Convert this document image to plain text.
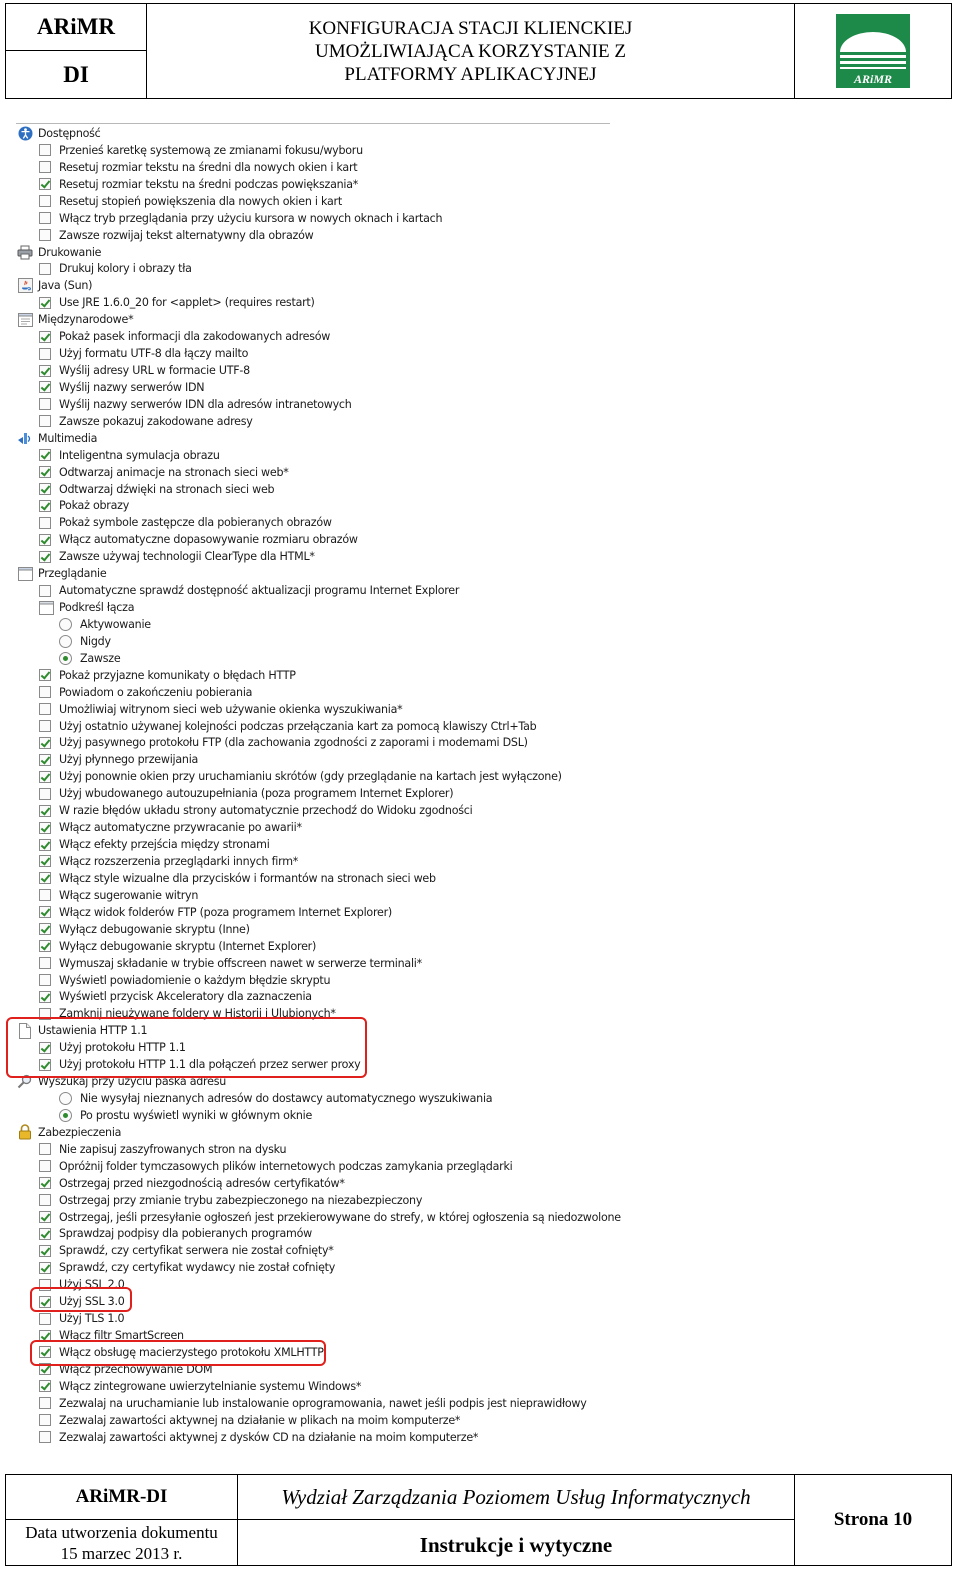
ARiMR
DI
KONFIGURACJA STACJI KLIENCKIEJ
UMOŻLIWIAJĄCA KORZYSTANIE Z
PLATFORMY APLIKACYJNEJ	ARiMR
Dostępność
Przenieś karetkę systemową ze zmianami fokusu/wyboru
Resetuj rozmiar tekstu na średni dla nowych okien i kart
Resetuj rozmiar tekstu na średni podczas powiększania*
Resetuj stopień powiększenia dla nowych okien i kart
Włącz tryb przeglądania przy użyciu kursora w nowych oknach i kartach
Zawsze rozwijaj tekst alternatywny dla obrazów
Drukowanie
Drukuj kolory i obrazy tła
Java (Sun)
Use JRE 1.6.0_20 for <applet> (requires restart)
Międzynarodowe*
Pokaż pasek informacji dla zakodowanych adresów
Użyj formatu UTF-8 dla łączy mailto
Wyślij adresy URL w formacie UTF-8
Wyślij nazwy serwerów IDN
Wyślij nazwy serwerów IDN dla adresów intranetowych
Zawsze pokazuj zakodowane adresy
Multimedia
Inteligentna symulacja obrazu
Odtwarzaj animacje na stronach sieci web*
Odtwarzaj dźwięki na stronach sieci web
Pokaż obrazy
Pokaż symbole zastępcze dla pobieranych obrazów
Włącz automatyczne dopasowywanie rozmiaru obrazów
Zawsze używaj technologii ClearType dla HTML*
Przeglądanie
Automatyczne sprawdź dostępność aktualizacji programu Internet Explorer
Podkreśl łącza
Aktywowanie
Nigdy
Zawsze
Pokaż przyjazne komunikaty o błędach HTTP
Powiadom o zakończeniu pobierania
Umożliwiaj witrynom sieci web używanie okienka wyszukiwania*
Użyj ostatnio używanej kolejności podczas przełączania kart za pomocą klawiszy Ctrl+Tab
Użyj pasywnego protokołu FTP (dla zachowania zgodności z zaporami i modemami DSL)
Użyj płynnego przewijania
Użyj ponownie okien przy uruchamianiu skrótów (gdy przeglądanie na kartach jest wyłączone)
Użyj wbudowanego autouzupełniania (poza programem Internet Explorer)
W razie błędów układu strony automatycznie przechodź do Widoku zgodności
Włącz automatyczne przywracanie po awarii*
Włącz efekty przejścia między stronami
Włącz rozszerzenia przeglądarki innych firm*
Włącz style wizualne dla przycisków i formantów na stronach sieci web
Włącz sugerowanie witryn
Włącz widok folderów FTP (poza programem Internet Explorer)
Wyłącz debugowanie skryptu (Inne)
Wyłącz debugowanie skryptu (Internet Explorer)
Wymuszaj składanie w trybie offscreen nawet w serwerze terminali*
Wyświetl powiadomienie o każdym błędzie skryptu
Wyświetl przycisk Akceleratory dla zaznaczenia
Zamknij nieużywane foldery w Historii i Ulubionych*
Ustawienia HTTP 1.1
Użyj protokołu HTTP 1.1
Użyj protokołu HTTP 1.1 dla połączeń przez serwer proxy
Wyszukaj przy użyciu paska adresu
Nie wysyłaj nieznanych adresów do dostawcy automatycznego wyszukiwania
Po prostu wyświetl wyniki w głównym oknie
Zabezpieczenia
Nie zapisuj zaszyfrowanych stron na dysku
Opróżnij folder tymczasowych plików internetowych podczas zamykania przeglądarki
Ostrzegaj przed niezgodnością adresów certyfikatów*
Ostrzegaj przy zmianie trybu zabezpieczonego na niezabezpieczony
Ostrzegaj, jeśli przesyłanie ogłoszeń jest przekierowywane do strefy, w której ogłoszenia są niedozwolone
Sprawdzaj podpisy dla pobieranych programów
Sprawdź, czy certyfikat serwera nie został cofnięty*
Sprawdź, czy certyfikat wydawcy nie został cofnięty
Użyj SSL 2.0
Użyj SSL 3.0
Użyj TLS 1.0
Włącz filtr SmartScreen
Włącz obsługę macierzystego protokołu XMLHTTP
Włącz przechowywanie DOM
Włącz zintegrowane uwierzytelnianie systemu Windows*
Zezwalaj na uruchamianie lub instalowanie oprogramowania, nawet jeśli podpis jest nieprawidłowy
Zezwalaj zawartości aktywnej na działanie w plikach na moim komputerze*
Zezwalaj zawartości aktywnej z dysków CD na działanie na moim komputerze*
ARiMR-DI
Data utworzenia dokumentu
15 marzec 2013 r.
Wydział Zarządzania Poziomem Usług Informatycznych
Instrukcje i wytyczne
Strona 10
